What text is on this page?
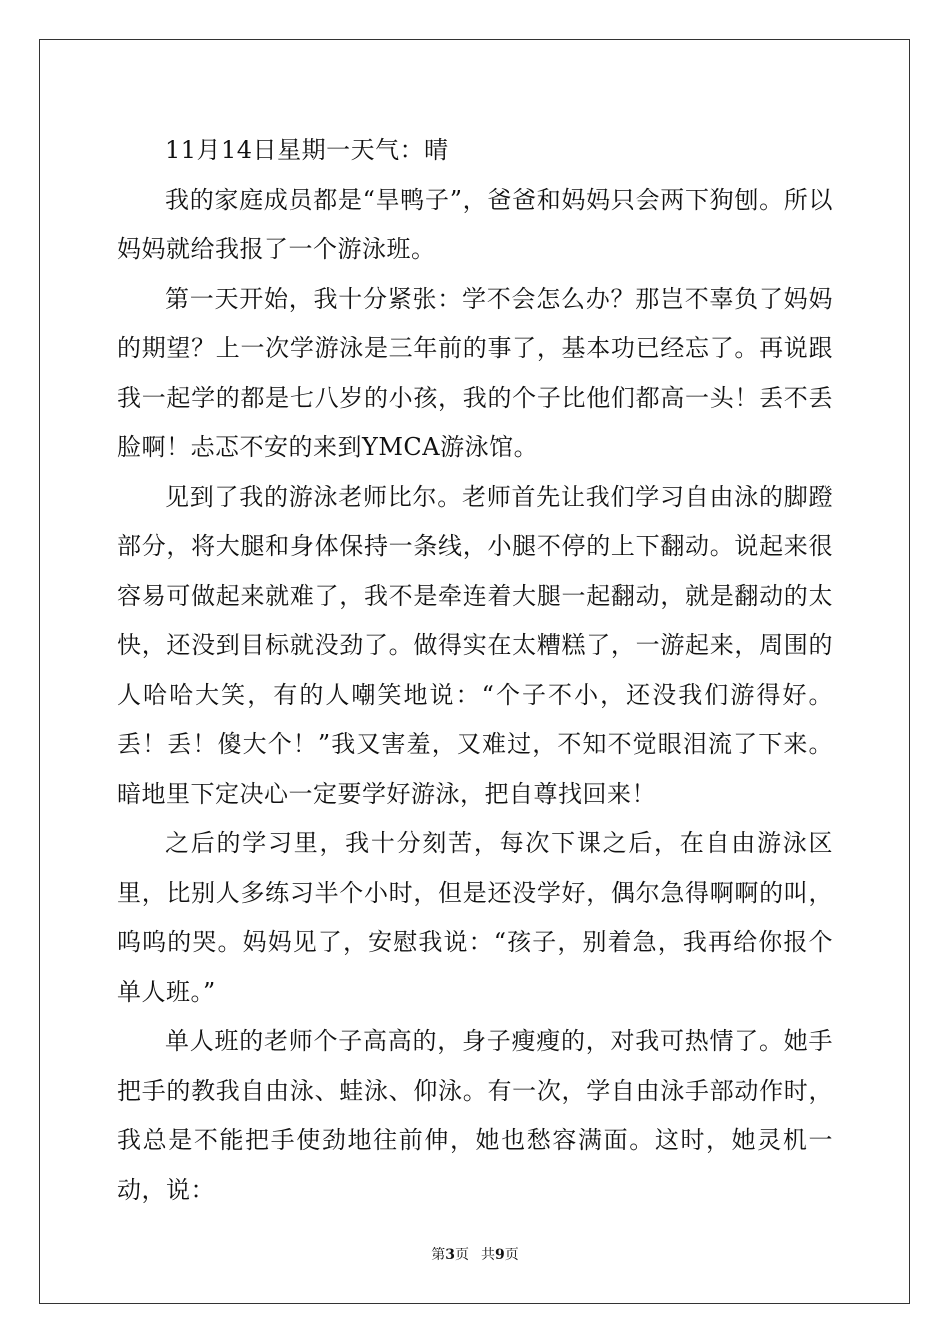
11月14日星期一天气：晴

我的家庭成员都是“旱鸭子”，爸爸和妈妈只会两下狗刨。所以妈妈就给我报了一个游泳班。

第一天开始，我十分紧张：学不会怎么办？那岂不辜负了妈妈的期望？上一次学游泳是三年前的事了，基本功已经忘了。再说跟我一起学的都是七八岁的小孩，我的个子比他们都高一头！丢不丢脸啊！忐忑不安的来到YMCA游泳馆。

见到了我的游泳老师比尔。老师首先让我们学习自由泳的脚蹬部分，将大腿和身体保持一条线，小腿不停的上下翻动。说起来很容易可做起来就难了，我不是牵连着大腿一起翻动，就是翻动的太快，还没到目标就没劲了。做得实在太糟糕了，一游起来，周围的人哈哈大笑，有的人嘲笑地说：“个子不小，还没我们游得好。丢！丢！傻大个！”我又害羞，又难过，不知不觉眼泪流了下来。暗地里下定决心一定要学好游泳，把自尊找回来！

之后的学习里，我十分刻苦，每次下课之后，在自由游泳区里，比别人多练习半个小时，但是还没学好，偶尔急得啊啊的叫，呜呜的哭。妈妈见了，安慰我说：“孩子，别着急，我再给你报个单人班。”

单人班的老师个子高高的，身子瘦瘦的，对我可热情了。她手把手的教我自由泳、蛙泳、仰泳。有一次，学自由泳手部动作时，我总是不能把手使劲地往前伸，她也愁容满面。这时，她灵机一动，说：

第3页 共9页
